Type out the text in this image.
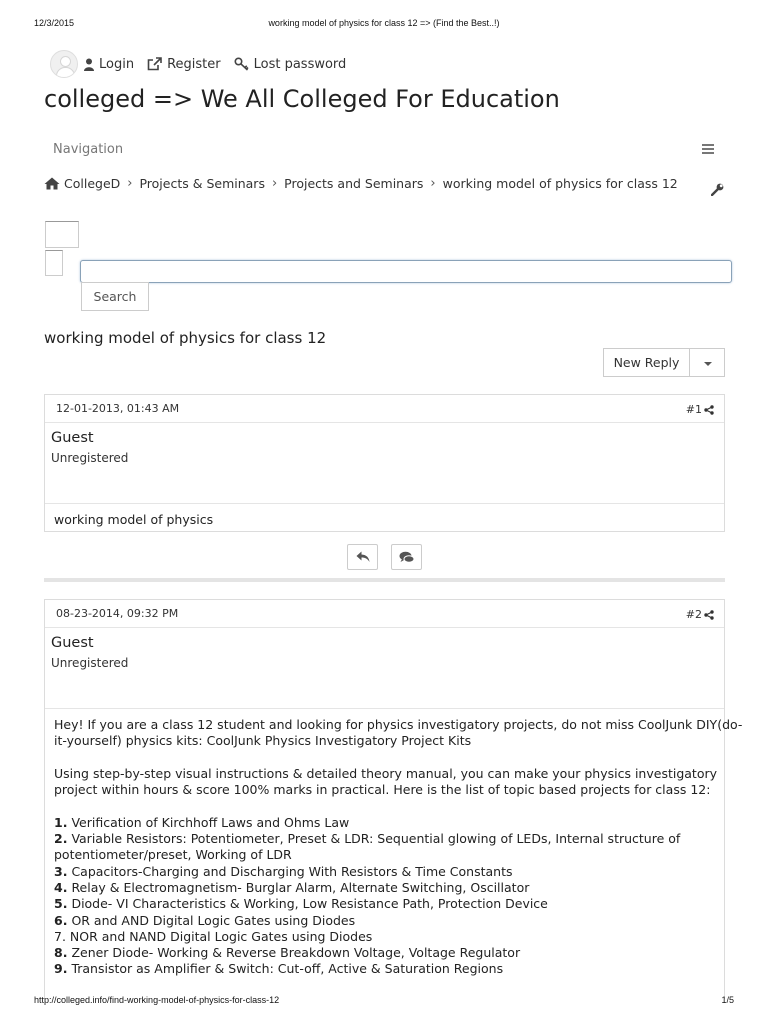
12/3/2015	working model of physics for class 12 => (Find the Best..!)
Login	Register	Lost password
colleged => We All Colleged For Education
Navigation
CollegeD › Projects & Seminars › Projects and Seminars › working model of physics for class 12
Search
working model of physics for class 12
New Reply
12-01-2013, 01:43 AM	#1
Guest
Unregistered
working model of physics
08-23-2014, 09:32 PM	#2
Guest
Unregistered
Hey! If you are a class 12 student and looking for physics investigatory projects, do not miss CoolJunk DIY(do-
it-yourself) physics kits: CoolJunk Physics Investigatory Project Kits
Using step-by-step visual instructions & detailed theory manual, you can make your physics investigatory
project within hours & score 100% marks in practical. Here is the list of topic based projects for class 12:
1. Verification of Kirchhoff Laws and Ohms Law
2. Variable Resistors: Potentiometer, Preset & LDR: Sequential glowing of LEDs, Internal structure of
potentiometer/preset, Working of LDR
3. Capacitors-Charging and Discharging With Resistors & Time Constants
4. Relay & Electromagnetism- Burglar Alarm, Alternate Switching, Oscillator
5. Diode- VI Characteristics & Working, Low Resistance Path, Protection Device
6. OR and AND Digital Logic Gates using Diodes
7. NOR and NAND Digital Logic Gates using Diodes
8. Zener Diode- Working & Reverse Breakdown Voltage, Voltage Regulator
9. Transistor as Amplifier & Switch: Cut-off, Active & Saturation Regions
http://colleged.info/find-working-model-of-physics-for-class-12	1/5
